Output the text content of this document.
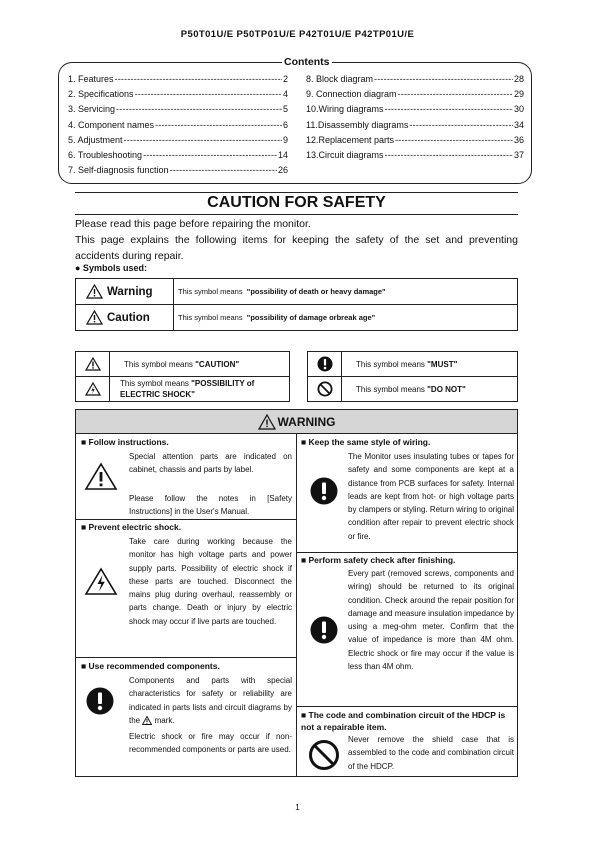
P50T01U/E P50TP01U/E P42T01U/E P42TP01U/E
Contents
1. Features -----	2
2. Specifications -----	4
3. Servicing -----	5
4. Component names -----	6
5. Adjustment -----	9
6. Troubleshooting -----	14
7. Self-diagnosis function -----	26
8. Block diagram -----	28
9. Connection diagram -----	29
10.Wiring diagrams -----	30
11.Disassembly diagrams -----	34
12.Replacement parts -----	36
13.Circuit diagrams -----	37
CAUTION FOR SAFETY
Please read this page before repairing the monitor.
This page explains the following items for keeping the safety of the set and preventing accidents during repair.
● Symbols used:
Warning	This symbol means "possibility of death or heavy damage"

Caution	This symbol means "possibility of damage orbreak age"
	This symbol means "CAUTION"			This symbol means "MUST"

	This symbol means "POSSIBILITY of ELECTRIC SHOCK"			This symbol means "DO NOT"
WARNING
■ Follow instructions.
Special attention parts are indicated on cabinet, chassis and parts by label.
Please follow the notes in [Safety Instructions] in the User's Manual.
■ Prevent electric shock.
Take care during working because the monitor has high voltage parts and power supply parts. Possibility of electric shock if these parts are touched. Disconnect the mains plug during overhaul, reassembly or parts change. Death or injury by electric shock may occur if live parts are touched.
■ Use recommended components.
Components and parts with special characteristics for safety or reliability are indicated in parts lists and circuit diagrams by the mark.
Electric shock or fire may occur if non-recommended components or parts are used.
■ Keep the same style of wiring.
The Monitor uses insulating tubes or tapes for safety and some components are kept at a distance from PCB surfaces for safety. Internal leads are kept from hot- or high voltage parts by clampers or styling. Return wiring to original condition after repair to prevent electric shock or fire.
■ Perform safety check after finishing.
Every part (removed screws, components and wiring) should be returned to its original condition. Check around the repair position for damage and measure insulation impedance by using a meg-ohm meter. Confirm that the value of impedance is more than 4M ohm. Electric shock or fire may occur if the value is less than 4M ohm.
■ The code and combination circuit of the HDCP is not a repairable item.
Never remove the shield case that is assembled to the code and combination circuit of the HDCP.
1
